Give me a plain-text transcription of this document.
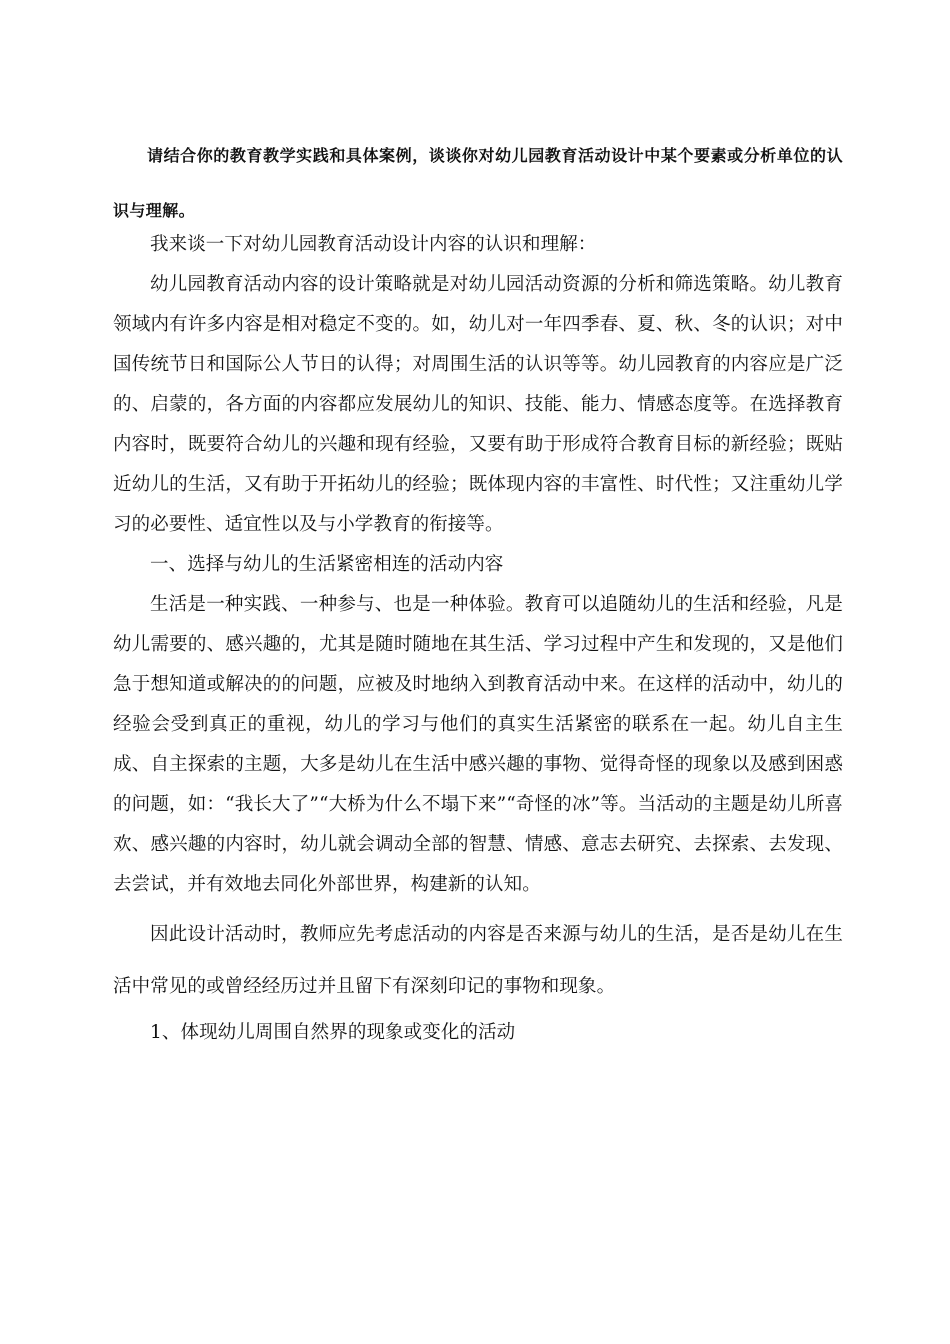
请结合你的教育教学实践和具体案例，谈谈你对幼儿园教育活动设计中某个要素或分析单位的认识与理解。

我来谈一下对幼儿园教育活动设计内容的认识和理解：

幼儿园教育活动内容的设计策略就是对幼儿园活动资源的分析和筛选策略。幼儿教育领域内有许多内容是相对稳定不变的。如，幼儿对一年四季春、夏、秋、冬的认识；对中国传统节日和国际公人节日的认得；对周围生活的认识等等。幼儿园教育的内容应是广泛的、启蒙的，各方面的内容都应发展幼儿的知识、技能、能力、情感态度等。在选择教育内容时，既要符合幼儿的兴趣和现有经验，又要有助于形成符合教育目标的新经验；既贴近幼儿的生活，又有助于开拓幼儿的经验；既体现内容的丰富性、时代性；又注重幼儿学习的必要性、适宜性以及与小学教育的衔接等。

一、选择与幼儿的生活紧密相连的活动内容

生活是一种实践、一种参与、也是一种体验。教育可以追随幼儿的生活和经验，凡是幼儿需要的、感兴趣的，尤其是随时随地在其生活、学习过程中产生和发现的，又是他们急于想知道或解决的的问题，应被及时地纳入到教育活动中来。在这样的活动中，幼儿的经验会受到真正的重视，幼儿的学习与他们的真实生活紧密的联系在一起。幼儿自主生成、自主探索的主题，大多是幼儿在生活中感兴趣的事物、觉得奇怪的现象以及感到困惑的问题，如：“我长大了”“大桥为什么不塌下来”“奇怪的冰”等。当活动的主题是幼儿所喜欢、感兴趣的内容时，幼儿就会调动全部的智慧、情感、意志去研究、去探索、去发现、去尝试，并有效地去同化外部世界，构建新的认知。

因此设计活动时，教师应先考虑活动的内容是否来源与幼儿的生活，是否是幼儿在生活中常见的或曾经经历过并且留下有深刻印记的事物和现象。

1、体现幼儿周围自然界的现象或变化的活动
